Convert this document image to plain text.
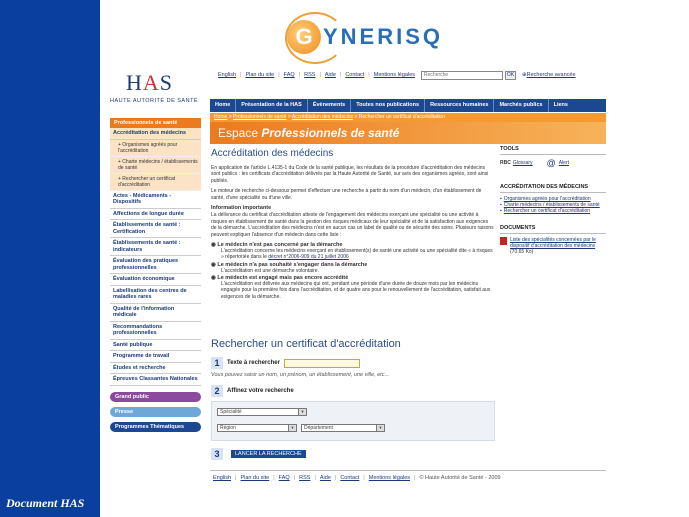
Document HAS
G YNERISQ
HAS
HAUTE AUTORITÉ DE SANTÉ
English | Plan du site | FAQ | RSS | Aide | Contact | Mentions légales
Recherche	OK	⊕ Recherche avancée
Home	Présentation de la HAS	Évènements	Toutes nos publications	Ressources humaines	Marchés publics	Liens
Home > Professionnels de santé > Accréditation des médecins > Rechercher un certificat d'accréditation
Espace Professionnels de santé
Professionnels de santé
Accréditation des médecins
+ Organismes agréés pour l'accréditation
+ Charte médecins / établissements de santé
+ Rechercher un certificat d'accréditation
Actes - Médicaments - Dispositifs
Affections de longue durée
Établissements de santé : Certification
Établissements de santé : indicateurs
Évaluation des pratiques professionnelles
Évaluation économique
Labellisation des centres de maladies rares
Qualité de l'information médicale
Recommandations professionnelles
Santé publique
Programme de travail
Études et recherche
Épreuves Classantes Nationales
Grand public
Presse
Programmes Thématiques
Accréditation des médecins

En application de l'article L.4135-1 du Code de la santé publique, les résultats de la procédure d'accréditation des médecins sont publics : les certificats d'accréditation délivrés par la Haute Autorité de Santé, sur avis des organismes agréés, sont ainsi publiés.

Le moteur de recherche ci-dessous permet d'effectuer une recherche à partir du nom d'un médecin, d'un établissement de santé, d'une spécialité ou d'une ville.

Information importante

La délivrance du certificat d'accréditation atteste de l'engagement des médecins exerçant une spécialité ou une activité à risques en établissement de santé dans la gestion des risques médicaux de leur spécialité et de la satisfaction aux exigences de la démarche. L'accréditation des médecins n'est en aucun cas un label de qualité ou de sécurité des soins. Plusieurs raisons peuvent expliquer l'absence d'un médecin dans cette liste :

◉ Le médecin n'est pas concerné par la démarche
L'accréditation concerne les médecins exerçant en établissement(s) de santé une activité ou une spécialité dite « à risques » répertoriée dans le décret n°2006-909 du 21 juillet 2006
◉ Le médecin n'a pas souhaité s'engager dans la démarche
L'accréditation est une démarche volontaire.
◉ Le médecin est engagé mais pas encore accrédité
L'accréditation est délivrée aux médecins qui ont, pendant une période d'une durée de douze mois par les médecins engagés pour la première fois dans l'accréditation, et de quatre ans pour le renouvellement de l'accréditation, satisfait aux exigences de la démarche.
Rechercher un certificat d'accréditation
1	Texte à rechercher
Vous pouvez saisir un nom, un prénom, un établissement, une ville, etc...
2	Affinez votre recherche
Spécialité	▼
Région	▼	Département	▼
3	LANCER LA RECHERCHE
English | Plan du site | FAQ | RSS | Aide | Contact | Mentions légales | © Haute Autorité de Santé - 2009
TOOLS
RBC Glossary @ Alert
ACCRÉDITATION DES MÉDECINS
▪ Organismes agréés pour l'accréditation
▪ Charte médecins / établissements de santé
▪ Rechercher un certificat d'accréditation
DOCUMENTS
Liste des spécialités concernées par le dispositif d'accréditation des médecins
(70.65 Ko)
